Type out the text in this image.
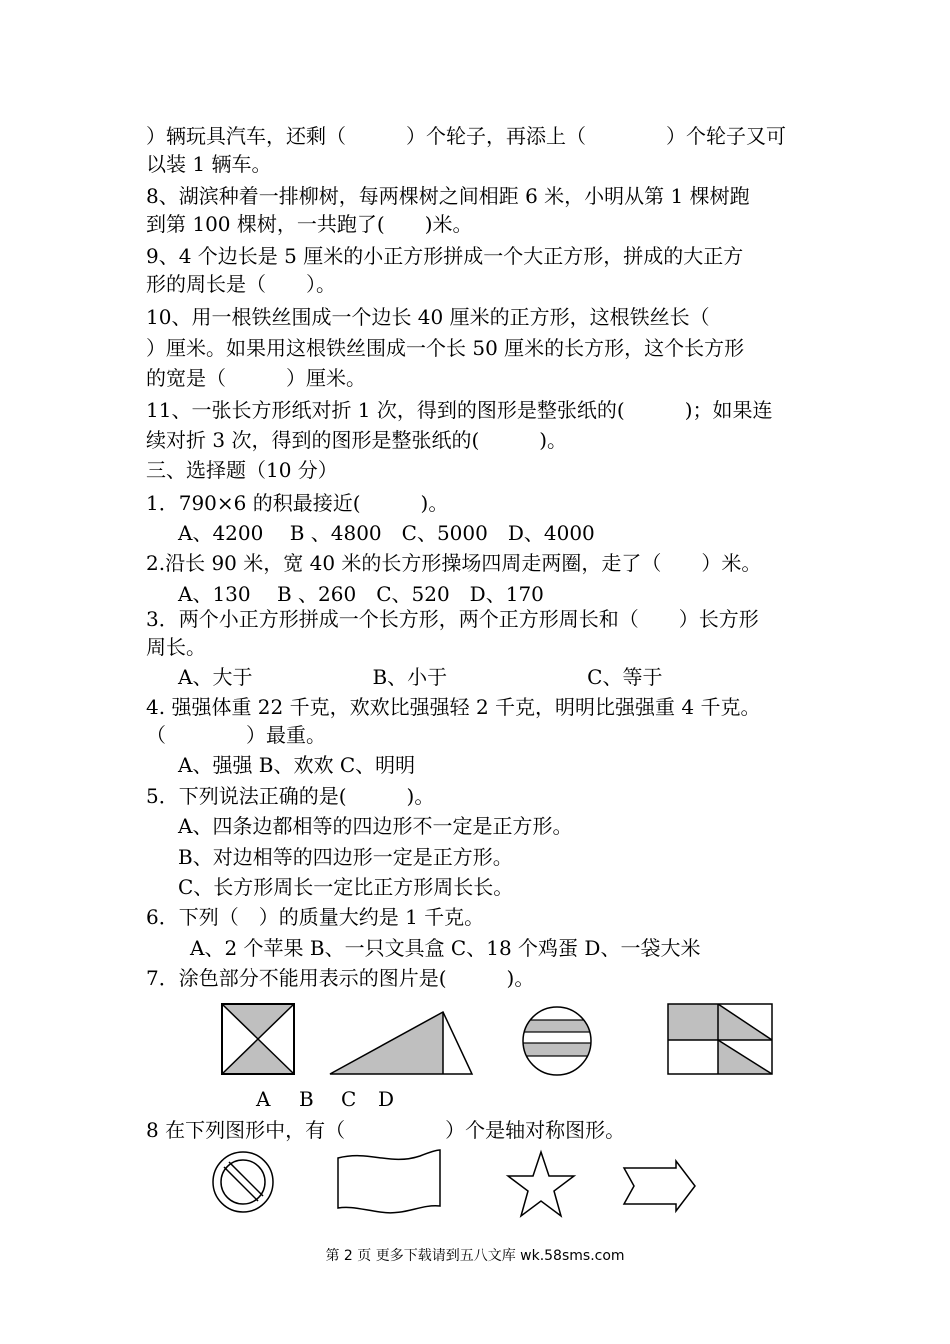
）辆玩具汽车，还剩（　　　）个轮子，再添上（　　　　）个轮子又可
以装 1 辆车。
8、湖滨种着一排柳树，每两棵树之间相距 6 米，小明从第 1 棵树跑
到第 100 棵树，一共跑了(　　)米。
9、4 个边长是 5 厘米的小正方形拼成一个大正方形，拼成的大正方
形的周长是（　　）。
10、用一根铁丝围成一个边长 40 厘米的正方形，这根铁丝长（
）厘米。如果用这根铁丝围成一个长 50 厘米的长方形，这个长方形
的宽是（　　　）厘米。
11、一张长方形纸对折 1 次，得到的图形是整张纸的(　　　)；如果连
续对折 3 次，得到的图形是整张纸的(　　　)。
三、选择题（10 分）
1．790×6 的积最接近(　　　)。
A、4200　 B 、4800　C、5000　D、4000
2.沿长 90 米，宽 40 米的长方形操场四周走两圈，走了（　　）米。
A、130　 B 、260　C、520　D、170
3．两个小正方形拼成一个长方形，两个正方形周长和（　　）长方形
周长。
A、大于　　　　　　B、小于　　　　　　　C、等于
4. 强强体重 22 千克，欢欢比强强轻 2 千克，明明比强强重 4 千克。
（　　　　）最重。
A、强强 B、欢欢 C、明明
5．下列说法正确的是(　　　)。
A、四条边都相等的四边形不一定是正方形。
B、对边相等的四边形一定是正方形。
C、长方形周长一定比正方形周长长。
6．下列（　）的质量大约是 1 千克。
A、2 个苹果 B、一只文具盒 C、18 个鸡蛋 D、一袋大米
7．涂色部分不能用表示的图片是(　　　)。
A B C D
8 在下列图形中，有（　　　　　）个是轴对称图形。
第 2 页 更多下载请到五八文库 wk.58sms.com
